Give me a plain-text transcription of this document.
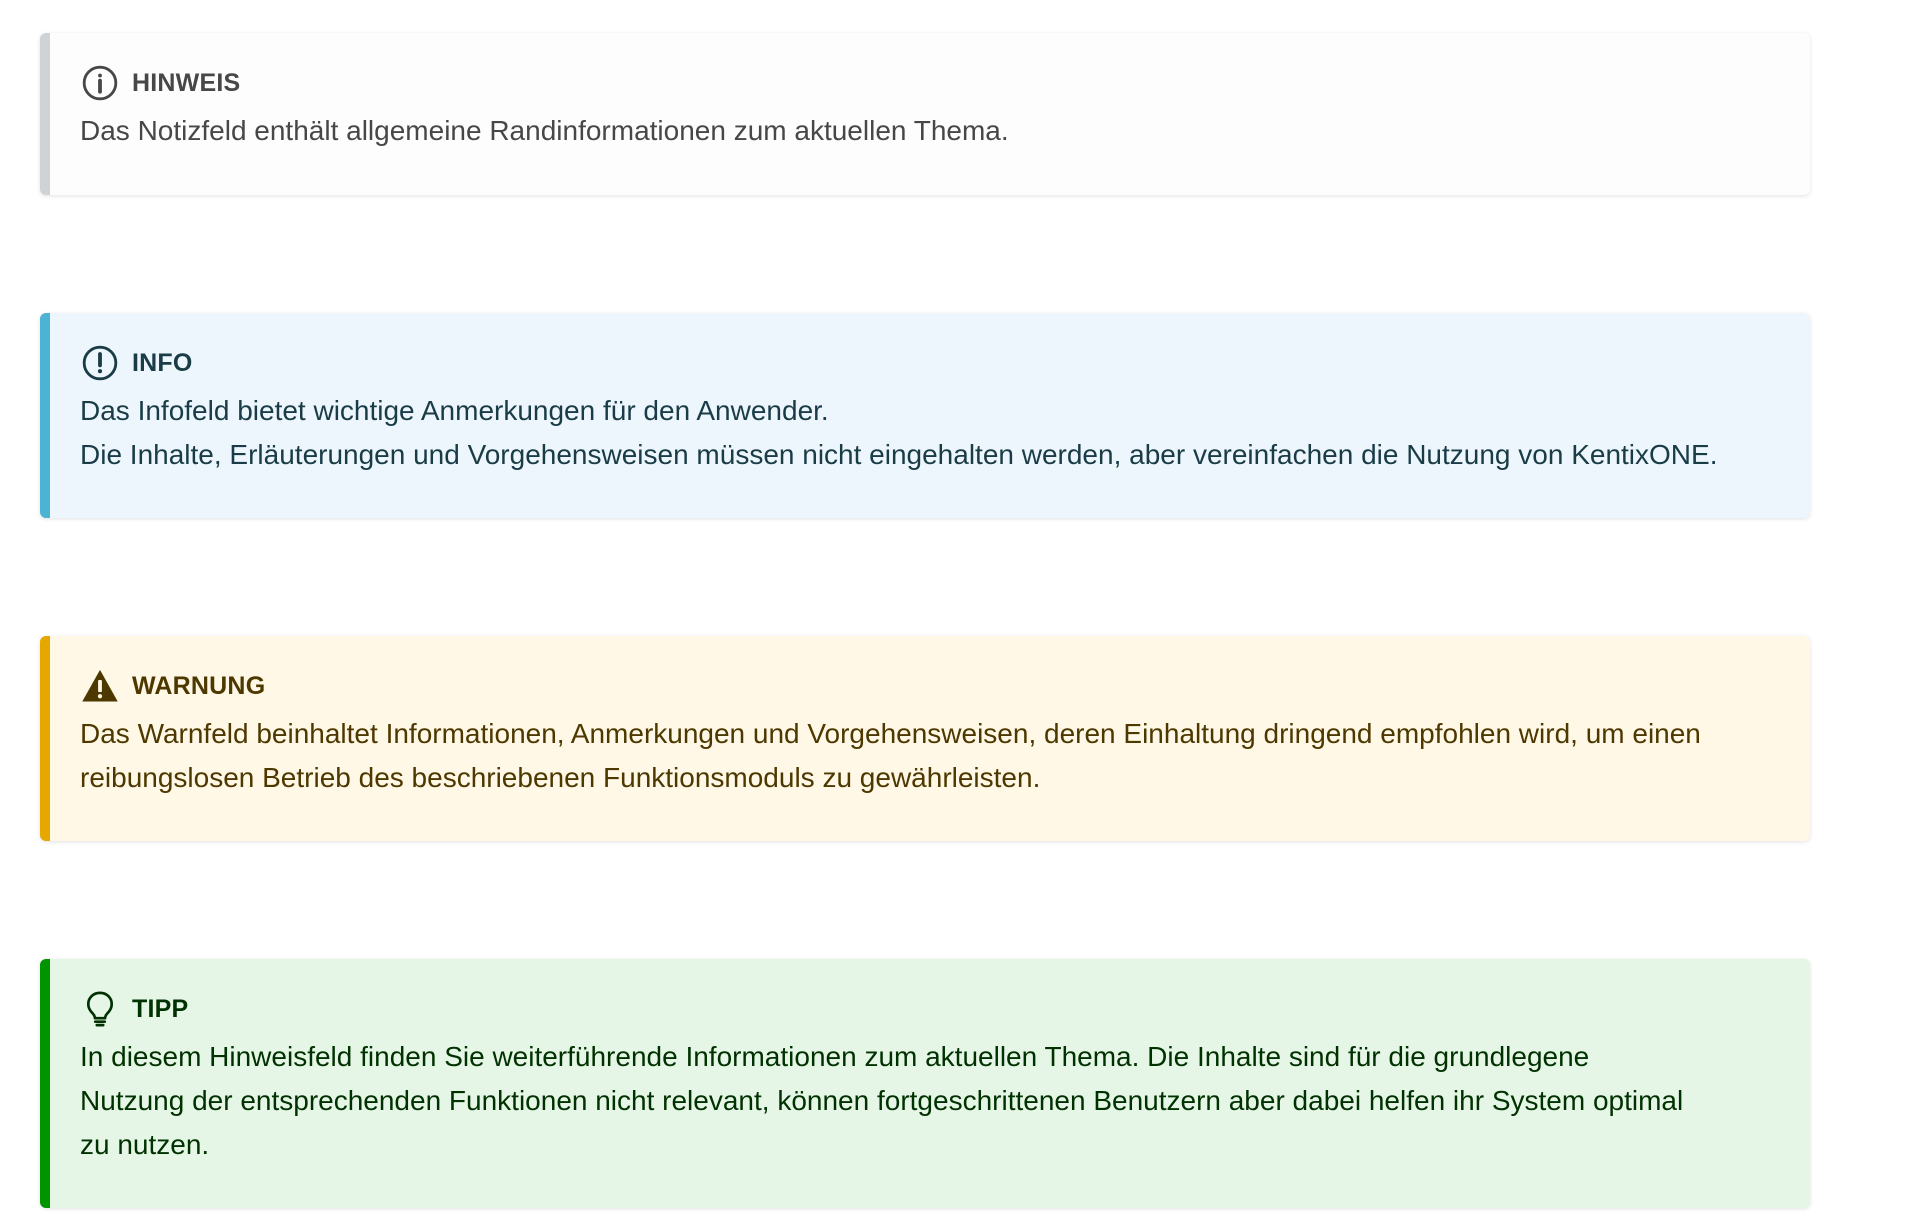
HINWEIS

Das Notizfeld enthält allgemeine Randinformationen zum aktuellen Thema.

INFO

Das Infofeld bietet wichtige Anmerkungen für den Anwender.

Die Inhalte, Erläuterungen und Vorgehensweisen müssen nicht eingehalten werden, aber vereinfachen die Nutzung von KentixONE.

WARNUNG

Das Warnfeld beinhaltet Informationen, Anmerkungen und Vorgehensweisen, deren Einhaltung dringend empfohlen wird, um einen

reibungslosen Betrieb des beschriebenen Funktionsmoduls zu gewährleisten.

TIPP

In diesem Hinweisfeld finden Sie weiterführende Informationen zum aktuellen Thema. Die Inhalte sind für die grundlegene

Nutzung der entsprechenden Funktionen nicht relevant, können fortgeschrittenen Benutzern aber dabei helfen ihr System optimal

zu nutzen.
